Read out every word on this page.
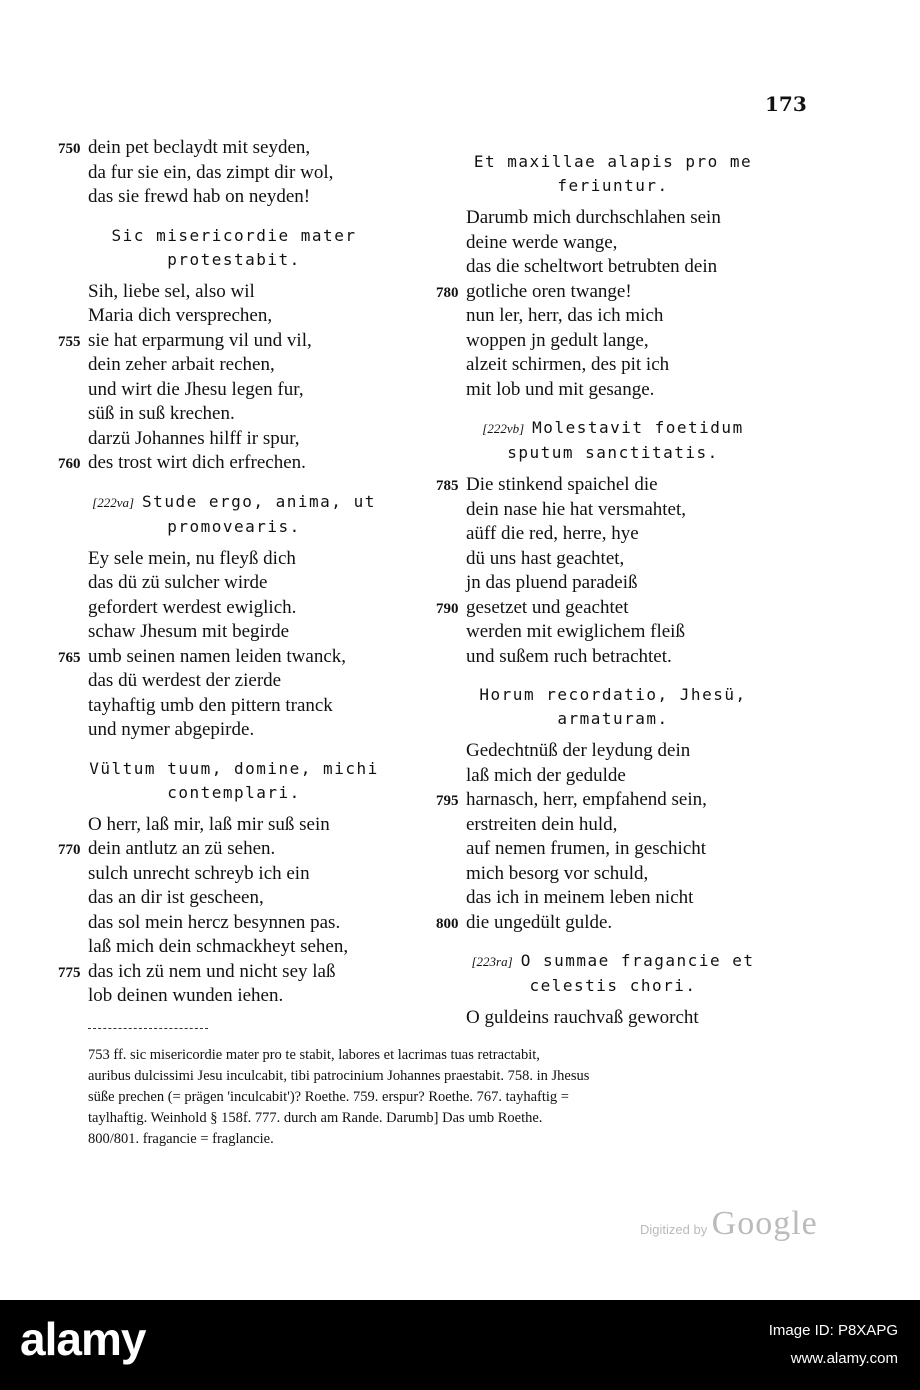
173
750 dein pet beclaydt mit seyden,
da fur sie ein, das zimpt dir wol,
das sie frewd hab on neyden!
Sic misericordie mater
protestabit.
Sih, liebe sel, also wil
Maria dich versprechen,
755 sie hat erparmung vil und vil,
dein zeher arbait rechen,
und wirt die Jhesu legen fur,
süß in suß krechen.
darzü Johannes hilff ir spur,
760 des trost wirt dich erfrechen.
[222va] Stude ergo, anima, ut
promovearis.
Ey sele mein, nu fleyß dich
das dü zü sulcher wirde
gefordert werdest ewiglich.
schaw Jhesum mit begirde
765 umb seinen namen leiden twanck,
das dü werdest der zierde
tayhaftig umb den pittern tranck
und nymer abgepirde.
Vültum tuum, domine, michi
contemplari.
O herr, laß mir, laß mir suß sein
770 dein antlutz an zü sehen.
sulch unrecht schreyb ich ein
das an dir ist gescheen,
das sol mein hercz besynnen pas.
laß mich dein schmackheyt sehen,
775 das ich zü nem und nicht sey laß
lob deinen wunden iehen.
Et maxillae alapis pro me
feriuntur.
Darumb mich durchschlahen sein
deine werde wange,
das die scheltwort betrubten dein
780 gotliche oren twange!
nun ler, herr, das ich mich
woppen jn gedult lange,
alzeit schirmen, des pit ich
mit lob und mit gesange.
[222vb] Molestavit foetidum
sputum sanctitatis.
785 Die stinkend spaichel die
dein nase hie hat versmahtet,
aüff die red, herre, hye
dü uns hast geachtet,
jn das pluend paradeiß
790 gesetzet und geachtet
werden mit ewiglichem fleiß
und sußem ruch betrachtet.
Horum recordatio, Jhesü,
armaturam.
Gedechtnüß der leydung dein
laß mich der gedulde
795 harnasch, herr, empfahend sein,
erstreiten dein huld,
auf nemen frumen, in geschicht
mich besorg vor schuld,
das ich in meinem leben nicht
800 die ungedült gulde.
[223ra] O summae fragancie et
celestis chori.
O guldeins rauchvaß geworcht

753 ff. sic misericordie mater pro te stabit, labores et lacrimas tuas retractabit,

auribus dulcissimi Jesu inculcabit, tibi patrocinium Johannes praestabit. 758. in Jhesus

süße prechen (= prägen 'inculcabit')? Roethe. 759. erspur? Roethe. 767. tayhaftig =

taylhaftig. Weinhold § 158f. 777. durch am Rande. Darumb] Das umb Roethe.

800/801. fragancie = fraglancie.

Digitized by Google
alamy	Image ID: P8XAPG
www.alamy.com
